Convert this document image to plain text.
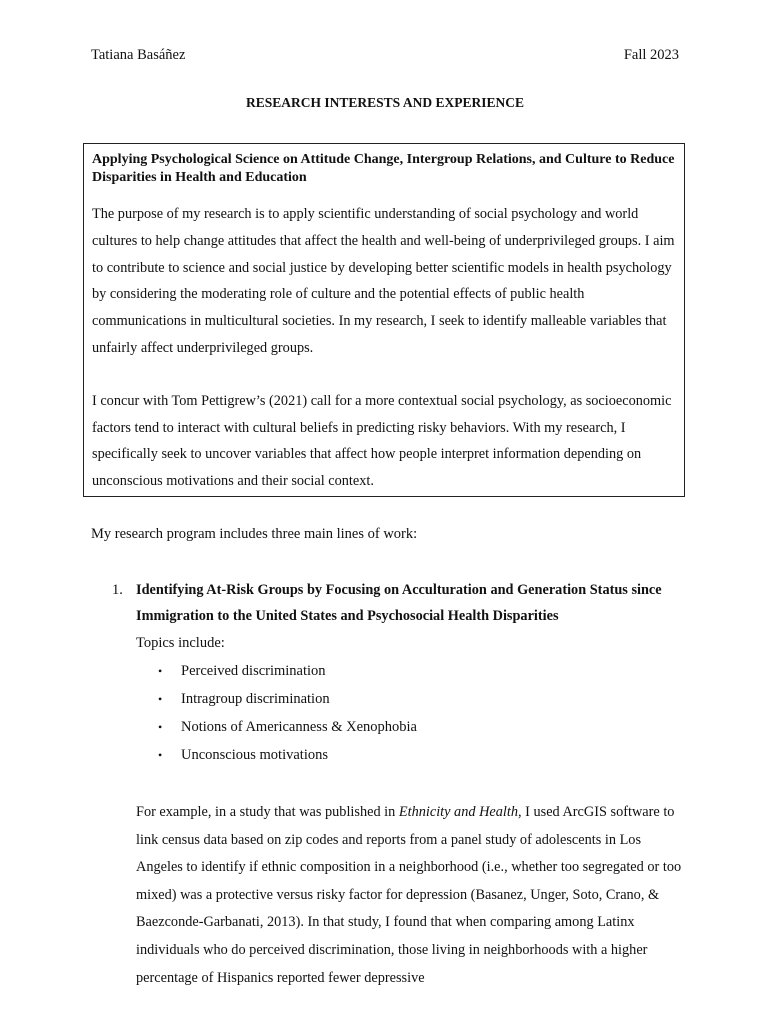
Tatiana Basáñez	Fall 2023
RESEARCH INTERESTS AND EXPERIENCE

Applying Psychological Science on Attitude Change, Intergroup Relations, and Culture to Reduce Disparities in Health and Education

The purpose of my research is to apply scientific understanding of social psychology and world cultures to help change attitudes that affect the health and well-being of underprivileged groups. I aim to contribute to science and social justice by developing better scientific models in health psychology by considering the moderating role of culture and the potential effects of public health communications in multicultural societies. In my research, I seek to identify malleable variables that unfairly affect underprivileged groups.

I concur with Tom Pettigrew’s (2021) call for a more contextual social psychology, as socioeconomic factors tend to interact with cultural beliefs in predicting risky behaviors. With my research, I specifically seek to uncover variables that affect how people interpret information depending on unconscious motivations and their social context.

My research program includes three main lines of work:
1. Identifying At-Risk Groups by Focusing on Acculturation and Generation Status since Immigration to the United States and Psychosocial Health Disparities

Topics include:

• Perceived discrimination
• Intragroup discrimination
• Notions of Americanness & Xenophobia
• Unconscious motivations

For example, in a study that was published in Ethnicity and Health, I used ArcGIS software to link census data based on zip codes and reports from a panel study of adolescents in Los Angeles to identify if ethnic composition in a neighborhood (i.e., whether too segregated or too mixed) was a protective versus risky factor for depression (Basanez, Unger, Soto, Crano, & Baezconde-Garbanati, 2013). In that study, I found that when comparing among Latinx individuals who do perceived discrimination, those living in neighborhoods with a higher percentage of Hispanics reported fewer depressive
